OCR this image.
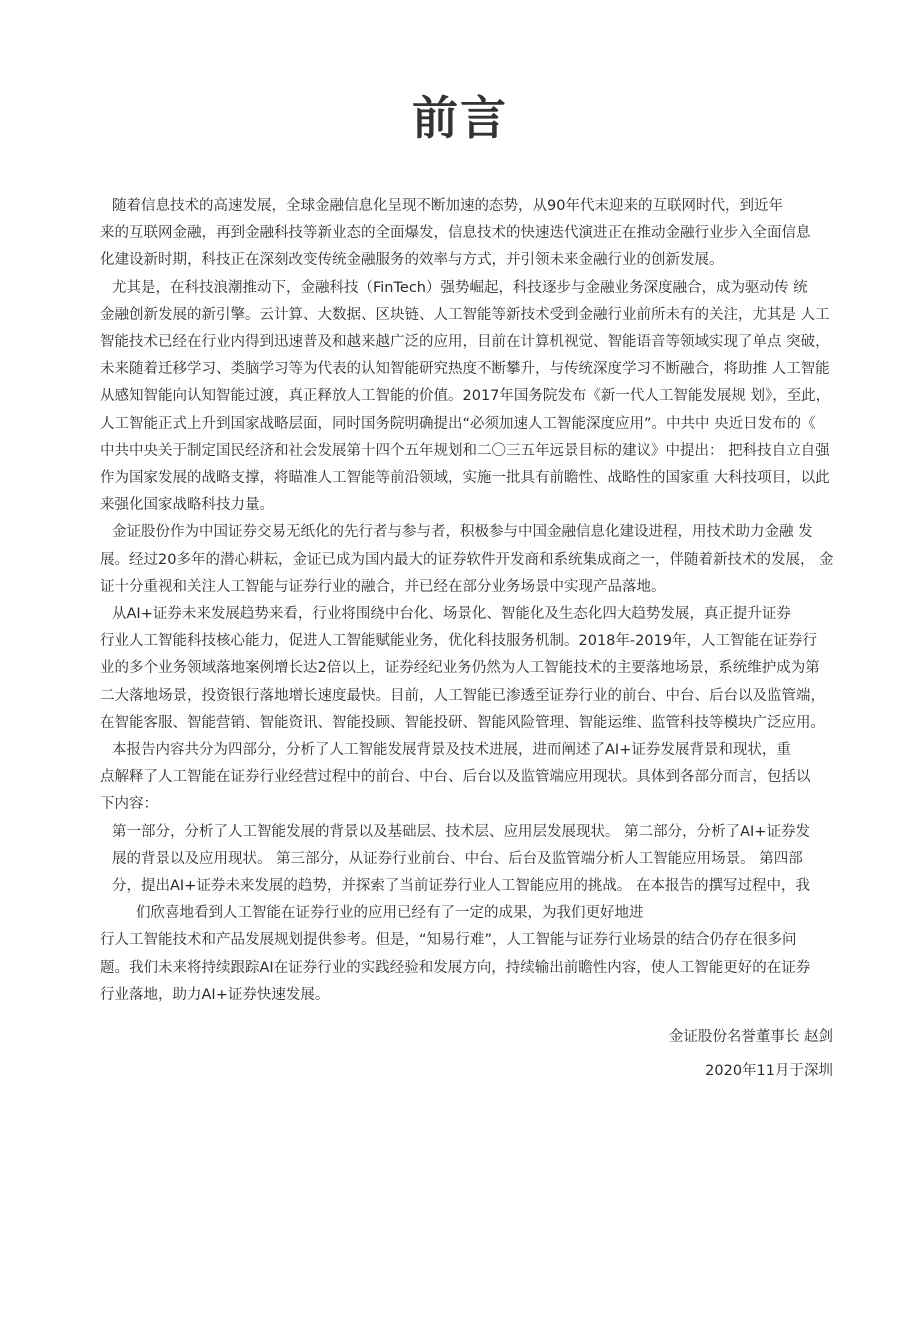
前言
随着信息技术的高速发展，全球金融信息化呈现不断加速的态势，从90年代末迎来的互联网时代，到近年
来的互联网金融，再到金融科技等新业态的全面爆发，信息技术的快速迭代演进正在推动金融行业步入全面信息
化建设新时期，科技正在深刻改变传统金融服务的效率与方式，并引领未来金融行业的创新发展。
尤其是，在科技浪潮推动下，金融科技（FinTech）强势崛起，科技逐步与金融业务深度融合，成为驱动传 统
金融创新发展的新引擎。云计算、大数据、区块链、人工智能等新技术受到金融行业前所未有的关注，尤其是 人工
智能技术已经在行业内得到迅速普及和越来越广泛的应用，目前在计算机视觉、智能语音等领域实现了单点 突破，
未来随着迁移学习、类脑学习等为代表的认知智能研究热度不断攀升，与传统深度学习不断融合，将助推 人工智能
从感知智能向认知智能过渡，真正释放人工智能的价值。2017年国务院发布《新一代人工智能发展规 划》，至此，
人工智能正式上升到国家战略层面，同时国务院明确提出“必须加速人工智能深度应用”。中共中 央近日发布的《
中共中央关于制定国民经济和社会发展第十四个五年规划和二〇三五年远景目标的建议》中提出： 把科技自立自强
作为国家发展的战略支撑，将瞄准人工智能等前沿领域，实施一批具有前瞻性、战略性的国家重 大科技项目，以此
来强化国家战略科技力量。
金证股份作为中国证券交易无纸化的先行者与参与者，积极参与中国金融信息化建设进程，用技术助力金融 发
展。经过20多年的潜心耕耘，金证已成为国内最大的证券软件开发商和系统集成商之一，伴随着新技术的发展， 金
证十分重视和关注人工智能与证券行业的融合，并已经在部分业务场景中实现产品落地。
从AI+证券未来发展趋势来看，行业将围绕中台化、场景化、智能化及生态化四大趋势发展，真正提升证券
行业人工智能科技核心能力，促进人工智能赋能业务，优化科技服务机制。2018年-2019年，人工智能在证券行
业的多个业务领域落地案例增长达2倍以上，证券经纪业务仍然为人工智能技术的主要落地场景，系统维护成为第
二大落地场景，投资银行落地增长速度最快。目前，人工智能已渗透至证券行业的前台、中台、后台以及监管端，
在智能客服、智能营销、智能资讯、智能投顾、智能投研、智能风险管理、智能运维、监管科技等模块广泛应用。
本报告内容共分为四部分，分析了人工智能发展背景及技术进展，进而阐述了AI+证券发展背景和现状，重
点解释了人工智能在证券行业经营过程中的前台、中台、后台以及监管端应用现状。具体到各部分而言，包括以
下内容：
第一部分，分析了人工智能发展的背景以及基础层、技术层、应用层发展现状。 第二部分，分析了AI+证券发
展的背景以及应用现状。 第三部分，从证券行业前台、中台、后台及监管端分析人工智能应用场景。 第四部
分，提出AI+证券未来发展的趋势，并探索了当前证券行业人工智能应用的挑战。 在本报告的撰写过程中，我
们欣喜地看到人工智能在证券行业的应用已经有了一定的成果，为我们更好地进
行人工智能技术和产品发展规划提供参考。但是，“知易行难”，人工智能与证券行业场景的结合仍存在很多问
题。我们未来将持续跟踪AI在证券行业的实践经验和发展方向，持续输出前瞻性内容，使人工智能更好的在证券
行业落地，助力AI+证券快速发展。
金证股份名誉董事长 赵剑
2020年11月于深圳
